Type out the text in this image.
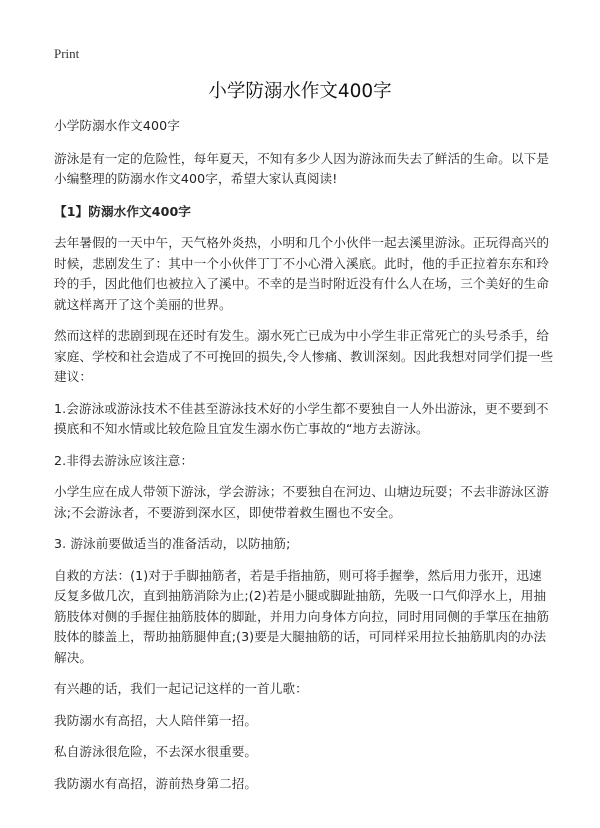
Print
小学防溺水作文400字

小学防溺水作文400字

游泳是有一定的危险性，每年夏天，不知有多少人因为游泳而失去了鲜活的生命。以下是小编整理的防溺水作文400字，希望大家认真阅读!

【1】防溺水作文400字

去年暑假的一天中午，天气格外炎热，小明和几个小伙伴一起去溪里游泳。正玩得高兴的时候，悲剧发生了：其中一个小伙伴丁丁不小心滑入溪底。此时，他的手正拉着东东和玲玲的手，因此他们也被拉入了溪中。不幸的是当时附近没有什么人在场，三个美好的生命就这样离开了这个美丽的世界。

然而这样的悲剧到现在还时有发生。溺水死亡已成为中小学生非正常死亡的头号杀手，给家庭、学校和社会造成了不可挽回的损失,令人惨痛、教训深刻。因此我想对同学们提一些建议：

1.会游泳或游泳技术不佳甚至游泳技术好的小学生都不要独自一人外出游泳，更不要到不摸底和不知水情或比较危险且宜发生溺水伤亡事故的“地方去游泳。

2.非得去游泳应该注意：

小学生应在成人带领下游泳，学会游泳；不要独自在河边、山塘边玩耍；不去非游泳区游泳;不会游泳者，不要游到深水区，即使带着救生圈也不安全。

3. 游泳前要做适当的准备活动，以防抽筋;

自救的方法：(1)对于手脚抽筋者，若是手指抽筋，则可将手握拳，然后用力张开，迅速反复多做几次，直到抽筋消除为止;(2)若是小腿或脚趾抽筋，先吸一口气仰浮水上，用抽筋肢体对侧的手握住抽筋肢体的脚趾，并用力向身体方向拉，同时用同侧的手掌压在抽筋肢体的膝盖上，帮助抽筋腿伸直;(3)要是大腿抽筋的话，可同样采用拉长抽筋肌肉的办法解决。

有兴趣的话，我们一起记记这样的一首儿歌：

我防溺水有高招，大人陪伴第一招。

私自游泳很危险，不去深水很重要。

我防溺水有高招，游前热身第二招。
